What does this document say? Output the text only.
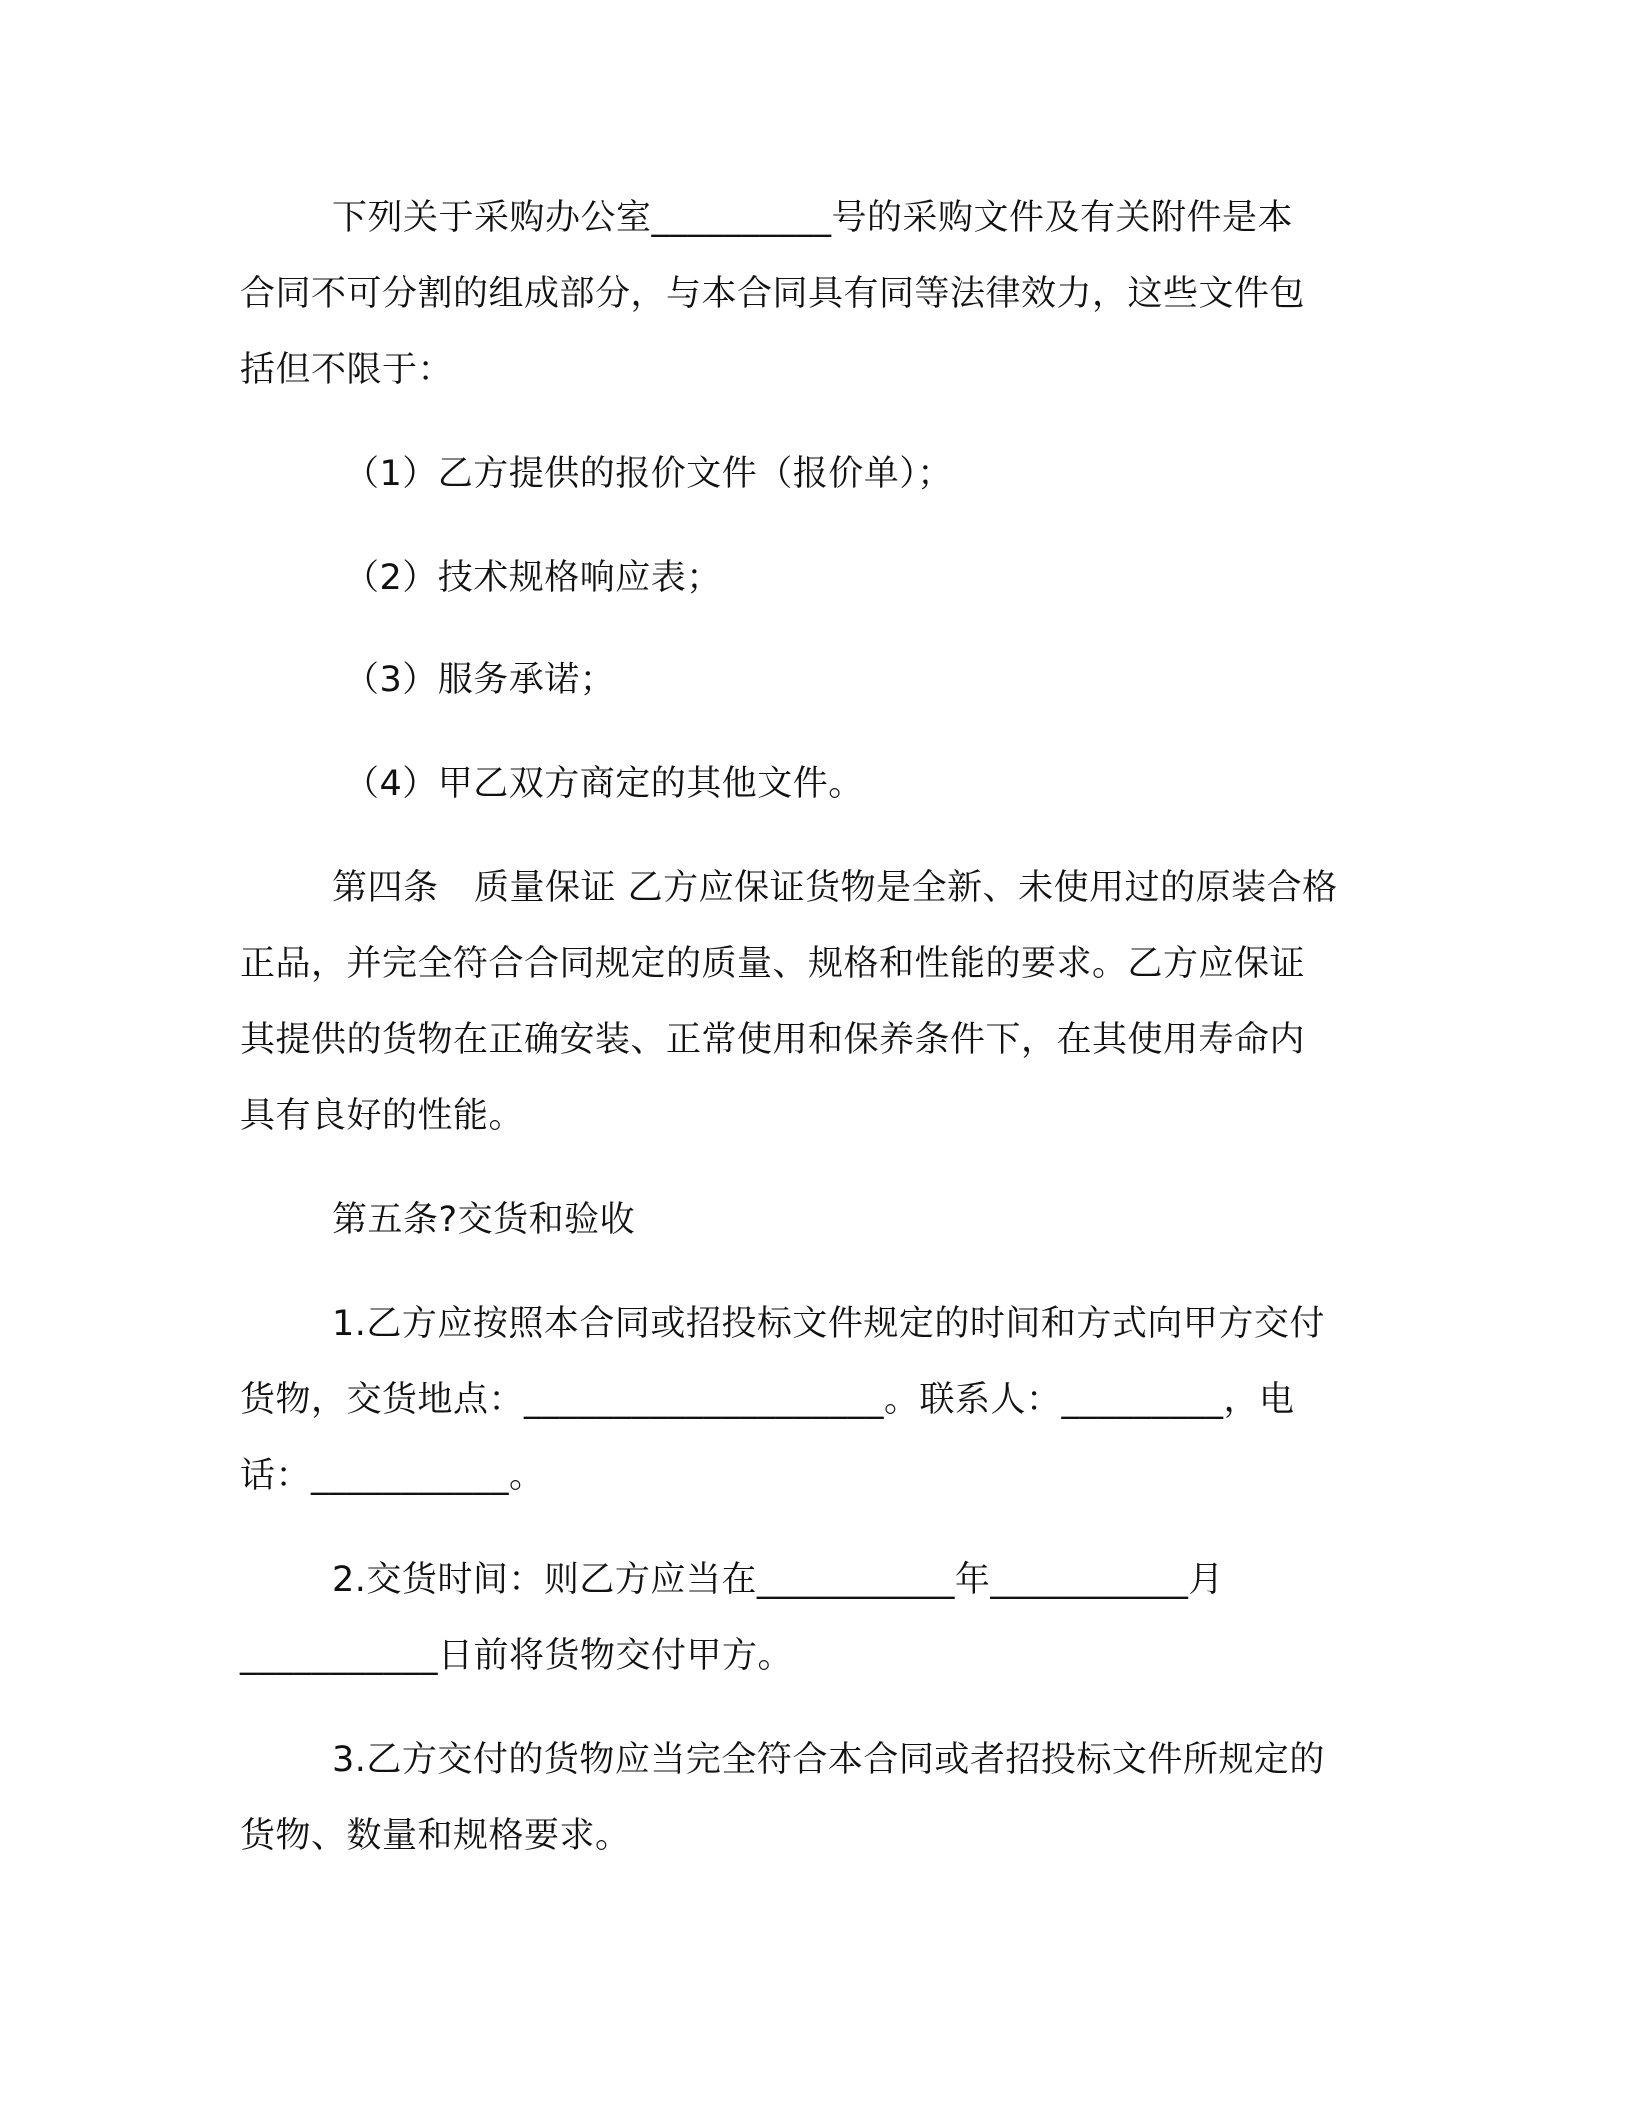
下列关于采购办公室__________号的采购文件及有关附件是本

合同不可分割的组成部分，与本合同具有同等法律效力，这些文件包

括但不限于：

（1）乙方提供的报价文件（报价单）；

（2）技术规格响应表；

（3）服务承诺；

（4）甲乙双方商定的其他文件。

第四条　质量保证 乙方应保证货物是全新、未使用过的原装合格

正品，并完全符合合同规定的质量、规格和性能的要求。乙方应保证

其提供的货物在正确安装、正常使用和保养条件下，在其使用寿命内

具有良好的性能。

第五条?交货和验收

1.乙方应按照本合同或招投标文件规定的时间和方式向甲方交付

货物，交货地点：____________________。联系人：_________，电

话：___________。

2.交货时间：则乙方应当在___________年___________月

___________日前将货物交付甲方。

3.乙方交付的货物应当完全符合本合同或者招投标文件所规定的

货物、数量和规格要求。
